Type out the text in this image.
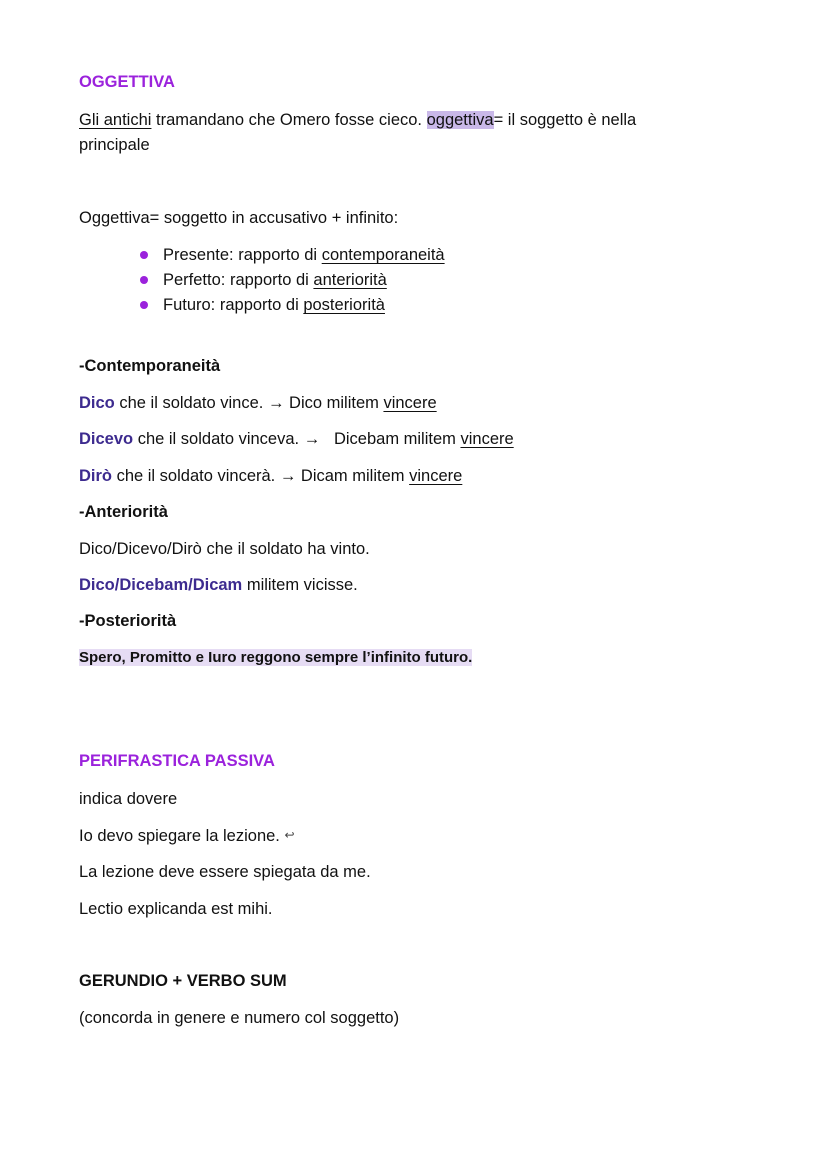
OGGETTIVA
Gli antichi tramandano che Omero fosse cieco. oggettiva= il soggetto è nella
principale
Oggettiva= soggetto in accusativo + infinito:
Presente: rapporto di contemporaneità
Perfetto: rapporto di anteriorità
Futuro: rapporto di posteriorità
-Contemporaneità
Dico che il soldato vince. → Dico militem vincere
Dicevo che il soldato vinceva. →   Dicebam militem vincere
Dirò che il soldato vincerà. → Dicam militem vincere
-Anteriorità
Dico/Dicevo/Dirò che il soldato ha vinto.
Dico/Dicebam/Dicam militem vicisse.
-Posteriorità
Spero, Promitto e Iuro reggono sempre l’infinito futuro.
PERIFRASTICA PASSIVA
indica dovere
Io devo spiegare la lezione. ↩
La lezione deve essere spiegata da me.
Lectio explicanda est mihi.
GERUNDIO + VERBO SUM
(concorda in genere e numero col soggetto)
